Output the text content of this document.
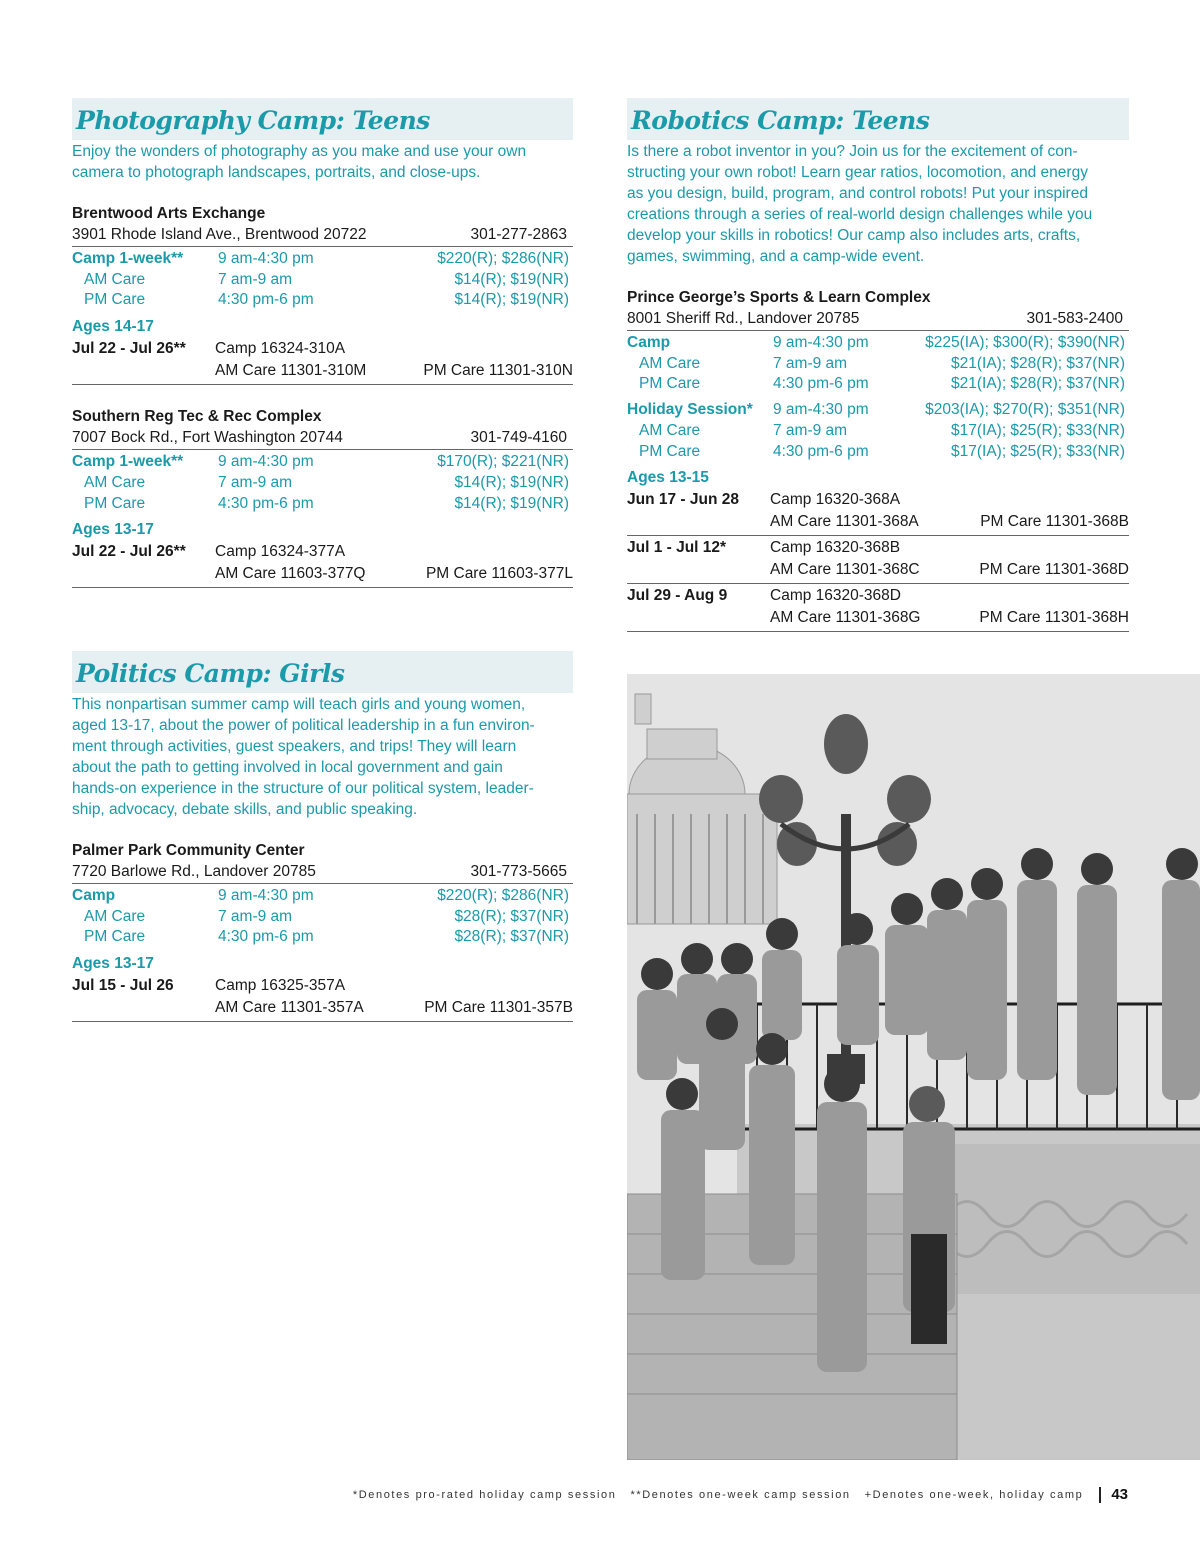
Photography Camp: Teens
Enjoy the wonders of photography as you make and use your own
camera to photograph landscapes, portraits, and close-ups.
Brentwood Arts Exchange
3901 Rhode Island Ave., Brentwood 20722	301-277-2863
Camp 1-week**	9 am-4:30 pm	$220(R); $286(NR)
AM Care	7 am-9 am	$14(R); $19(NR)
PM Care	4:30 pm-6 pm	$14(R); $19(NR)
Ages 14-17
Jul 22 - Jul 26**	Camp 16324-310A
AM Care 11301-310M	PM Care 11301-310N
Southern Reg Tec & Rec Complex
7007 Bock Rd., Fort Washington 20744	301-749-4160
Camp 1-week**	9 am-4:30 pm	$170(R); $221(NR)
AM Care	7 am-9 am	$14(R); $19(NR)
PM Care	4:30 pm-6 pm	$14(R); $19(NR)
Ages 13-17
Jul 22 - Jul 26**	Camp 16324-377A
AM Care 11603-377Q	PM Care 11603-377L
Robotics Camp: Teens
Is there a robot inventor in you? Join us for the excitement of con-
structing your own robot! Learn gear ratios, locomotion, and energy
as you design, build, program, and control robots! Put your inspired
creations through a series of real-world design challenges while you
develop your skills in robotics! Our camp also includes arts, crafts,
games, swimming, and a camp-wide event.
Prince George’s Sports & Learn Complex
8001 Sheriff Rd., Landover 20785	301-583-2400
Camp	9 am-4:30 pm	$225(IA); $300(R); $390(NR)
AM Care	7 am-9 am	$21(IA); $28(R); $37(NR)
PM Care	4:30 pm-6 pm	$21(IA); $28(R); $37(NR)
Holiday Session*	9 am-4:30 pm	$203(IA); $270(R); $351(NR)
AM Care	7 am-9 am	$17(IA); $25(R); $33(NR)
PM Care	4:30 pm-6 pm	$17(IA); $25(R); $33(NR)
Ages 13-15
Jun 17 - Jun 28	Camp 16320-368A
AM Care 11301-368A	PM Care 11301-368B
Jul 1 - Jul 12*	Camp 16320-368B
AM Care 11301-368C	PM Care 11301-368D
Jul 29 - Aug 9	Camp 16320-368D
AM Care 11301-368G	PM Care 11301-368H
Politics Camp: Girls
This nonpartisan summer camp will teach girls and young women,
aged 13-17, about the power of political leadership in a fun environ-
ment through activities, guest speakers, and trips! They will learn
about the path to getting involved in local government and gain
hands-on experience in the structure of our political system, leader-
ship, advocacy, debate skills, and public speaking.
Palmer Park Community Center
7720 Barlowe Rd., Landover 20785	301-773-5665
Camp	9 am-4:30 pm	$220(R); $286(NR)
AM Care	7 am-9 am	$28(R); $37(NR)
PM Care	4:30 pm-6 pm	$28(R); $37(NR)
Ages 13-17
Jul 15 - Jul 26	Camp 16325-357A
AM Care 11301-357A	PM Care 11301-357B
*Denotes pro-rated holiday camp session **Denotes one-week camp session +Denotes one-week, holiday camp 43
